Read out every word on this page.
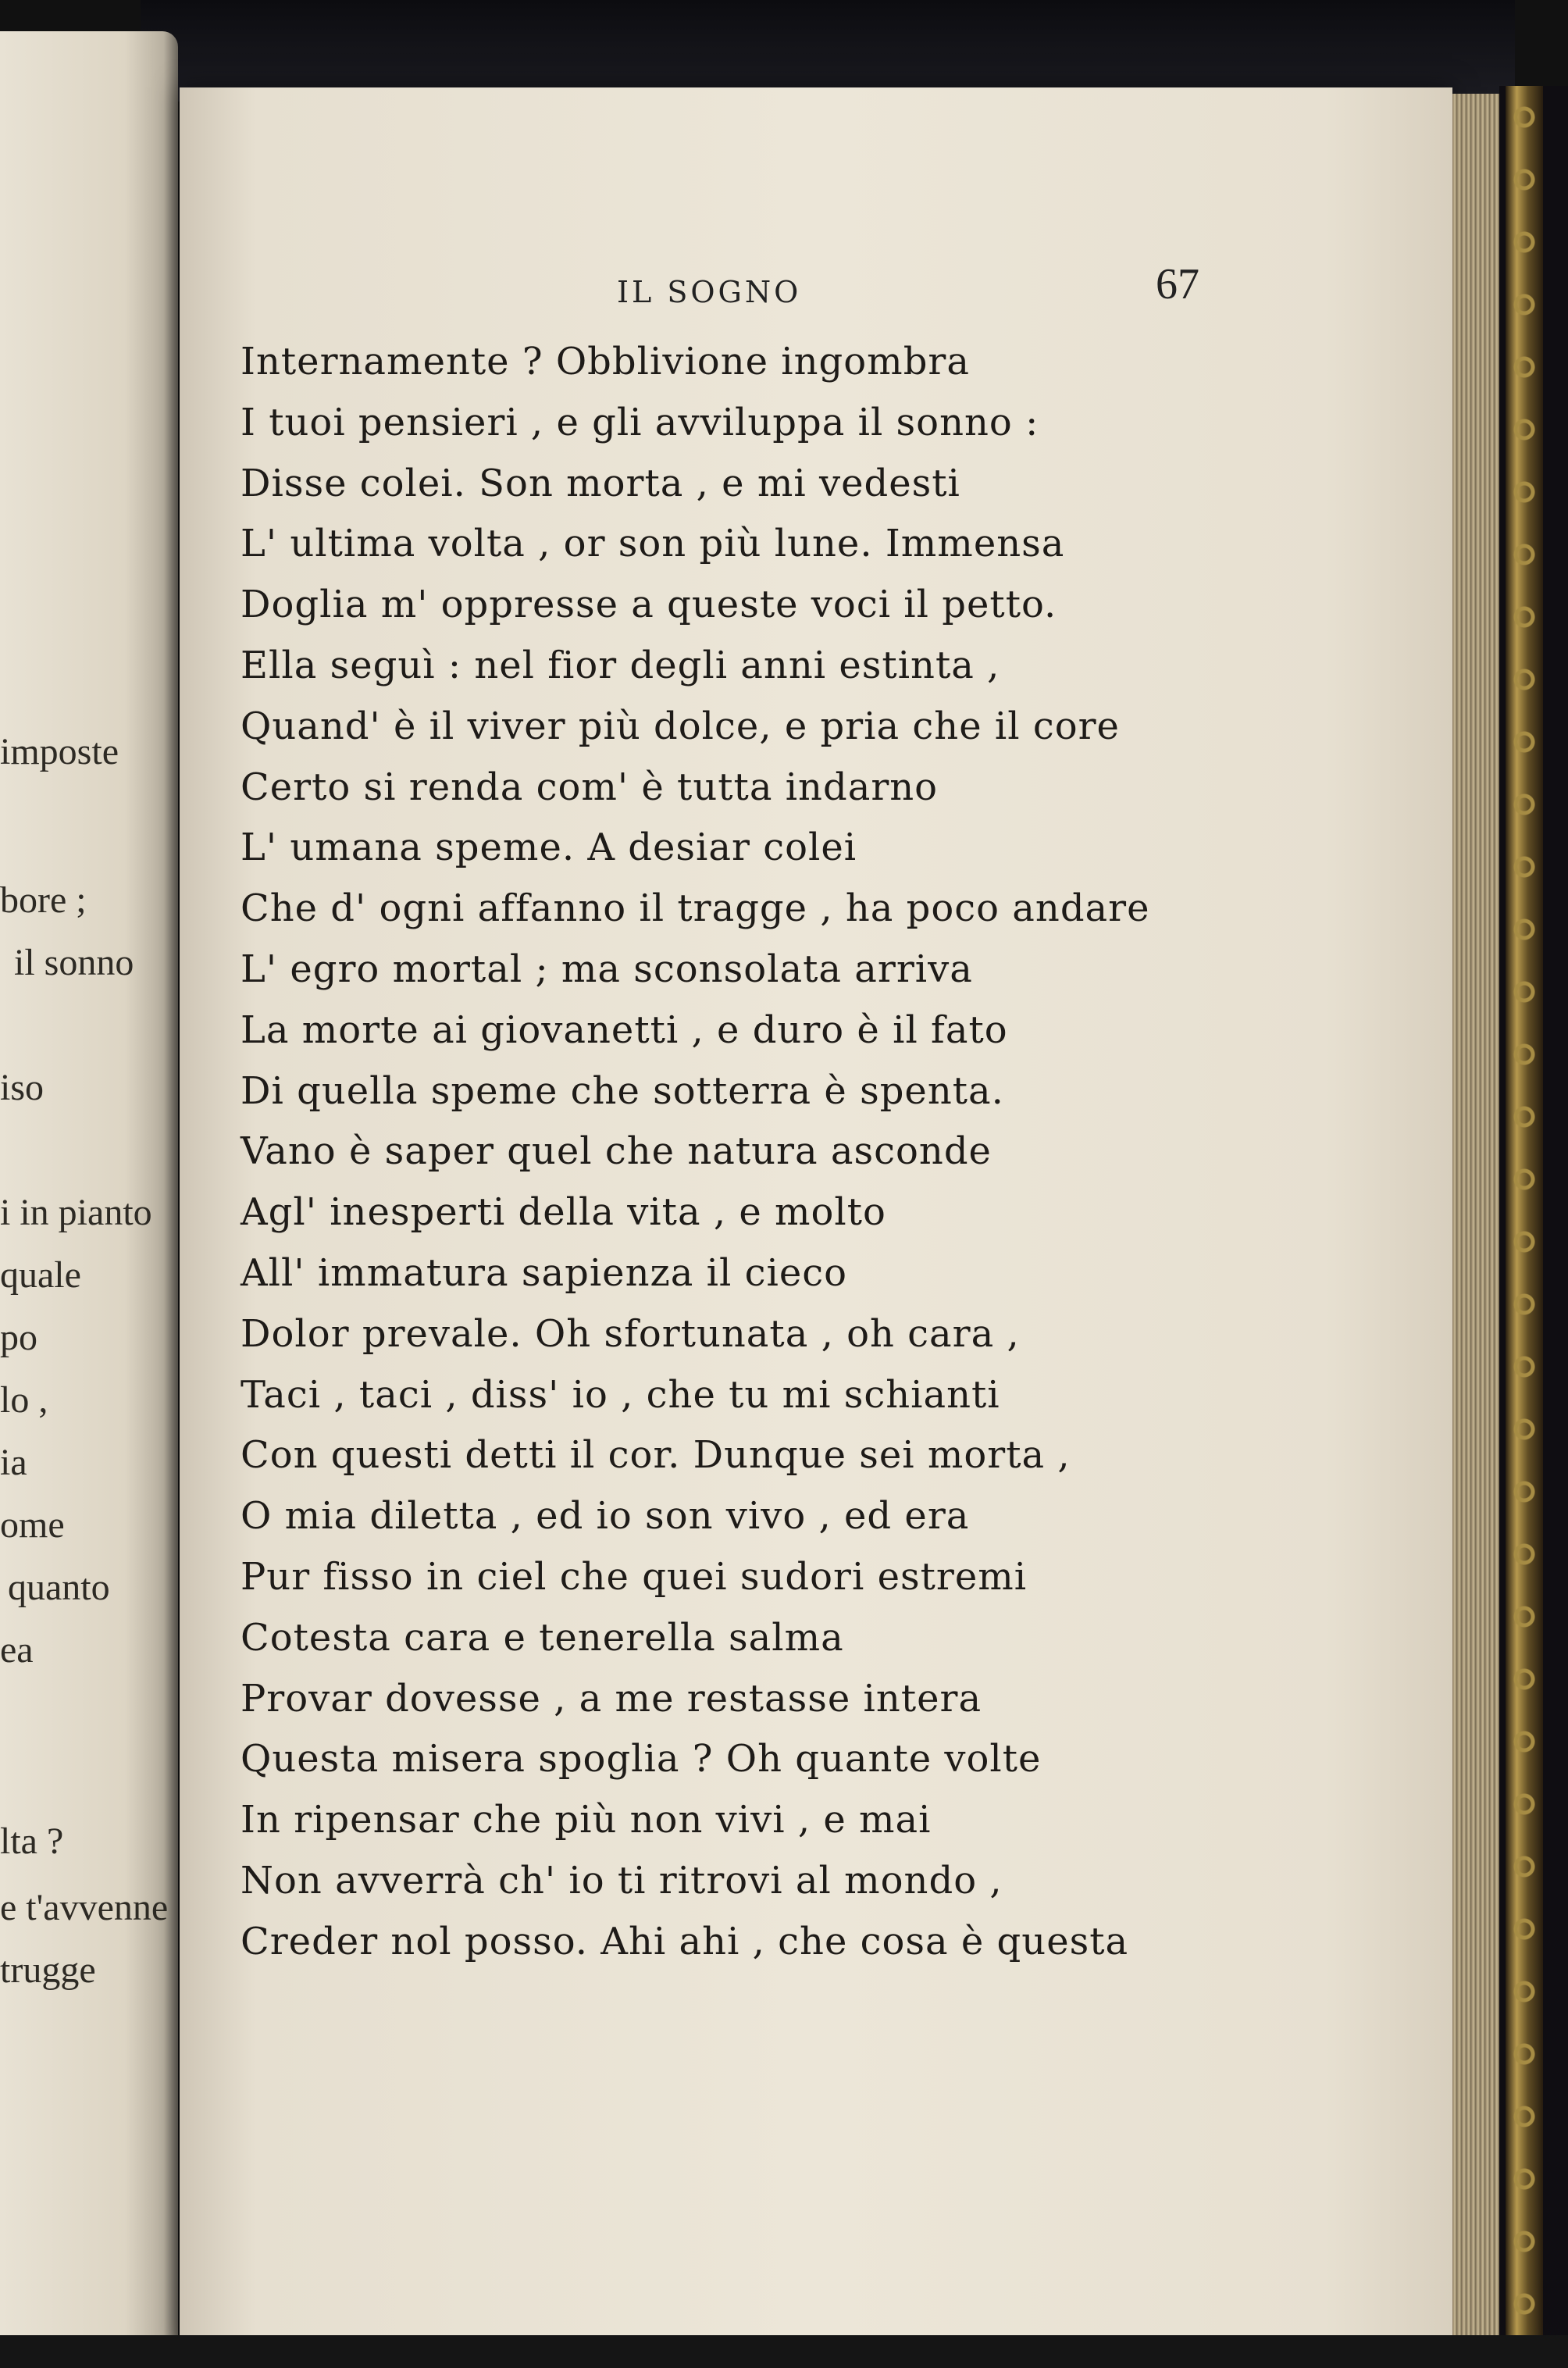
imposte
bore ;
il sonno
iso
i in pianto
quale
po
lo ,
ia
ome
quanto
ea
lta ?
e t'avvenne
trugge
IL SOGNO	67
Internamente ? Obblivione ingombra
I tuoi pensieri , e gli avviluppa il sonno :
Disse colei. Son morta , e mi vedesti
L' ultima volta , or son più lune. Immensa
Doglia m' oppresse a queste voci il petto.
Ella seguì : nel fior degli anni estinta ,
Quand' è il viver più dolce, e pria che il core
Certo si renda com' è tutta indarno
L' umana speme. A desiar colei
Che d' ogni affanno il tragge , ha poco andare
L' egro mortal ; ma sconsolata arriva
La morte ai giovanetti , e duro è il fato
Di quella speme che sotterra è spenta.
Vano è saper quel che natura asconde
Agl' inesperti della vita , e molto
All' immatura sapienza il cieco
Dolor prevale. Oh sfortunata , oh cara ,
Taci , taci , diss' io , che tu mi schianti
Con questi detti il cor. Dunque sei morta ,
O mia diletta , ed io son vivo , ed era
Pur fisso in ciel che quei sudori estremi
Cotesta cara e tenerella salma
Provar dovesse , a me restasse intera
Questa misera spoglia ? Oh quante volte
In ripensar che più non vivi , e mai
Non avverrà ch' io ti ritrovi al mondo ,
Creder nol posso. Ahi ahi , che cosa è questa
